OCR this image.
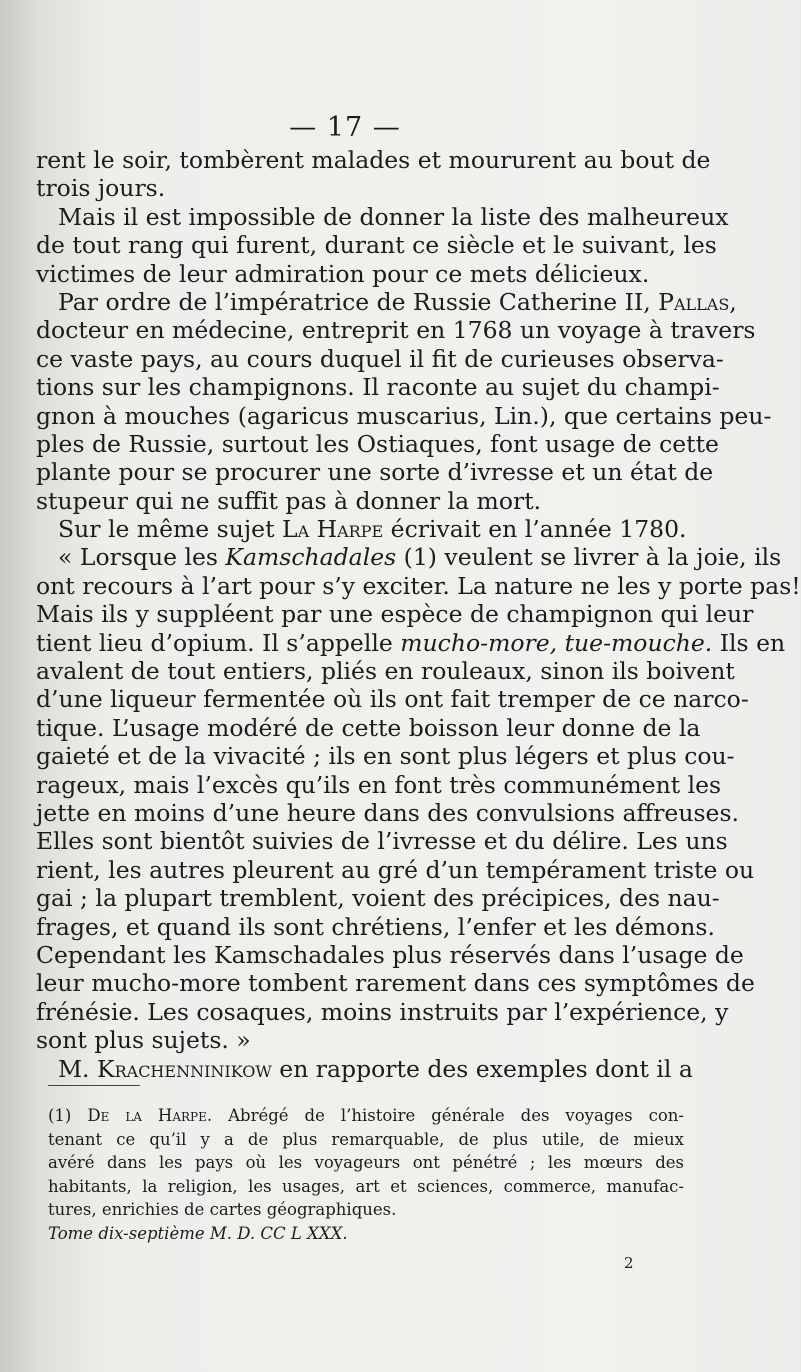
— 17 —
rent le soir, tombèrent malades et moururent au bout de
trois jours.
Mais il est impossible de donner la liste des malheureux
de tout rang qui furent, durant ce siècle et le suivant, les
victimes de leur admiration pour ce mets délicieux.
Par ordre de l’impératrice de Russie Catherine II, Pallas,
docteur en médecine, entreprit en 1768 un voyage à travers
ce vaste pays, au cours duquel il fit de curieuses observa-
tions sur les champignons. Il raconte au sujet du champi-
gnon à mouches (agaricus muscarius, Lin.), que certains peu-
ples de Russie, surtout les Ostiaques, font usage de cette
plante pour se procurer une sorte d’ivresse et un état de
stupeur qui ne suffit pas à donner la mort.
Sur le même sujet La Harpe écrivait en l’année 1780.
« Lorsque les Kamschadales (1) veulent se livrer à la joie, ils
ont recours à l’art pour s’y exciter. La nature ne les y porte pas!
Mais ils y suppléent par une espèce de champignon qui leur
tient lieu d’opium. Il s’appelle mucho-more, tue-mouche. Ils en
avalent de tout entiers, pliés en rouleaux, sinon ils boivent
d’une liqueur fermentée où ils ont fait tremper de ce narco-
tique. L’usage modéré de cette boisson leur donne de la
gaieté et de la vivacité ; ils en sont plus légers et plus cou-
rageux, mais l’excès qu’ils en font très communément les
jette en moins d’une heure dans des convulsions affreuses.
Elles sont bientôt suivies de l’ivresse et du délire. Les uns
rient, les autres pleurent au gré d’un tempérament triste ou
gai ; la plupart tremblent, voient des précipices, des nau-
frages, et quand ils sont chrétiens, l’enfer et les démons.
Cependant les Kamschadales plus réservés dans l’usage de
leur mucho-more tombent rarement dans ces symptômes de
frénésie. Les cosaques, moins instruits par l’expérience, y
sont plus sujets. »
M. Krachenninikow en rapporte des exemples dont il a
(1) De la Harpe. Abrégé de l’histoire générale des voyages con-
tenant ce qu’il y a de plus remarquable, de plus utile, de mieux
avéré dans les pays où les voyageurs ont pénétré ; les mœurs des
habitants, la religion, les usages, art et sciences, commerce, manufac-
tures, enrichies de cartes géographiques.
Tome dix-septième M. D. CC L XXX.
2
